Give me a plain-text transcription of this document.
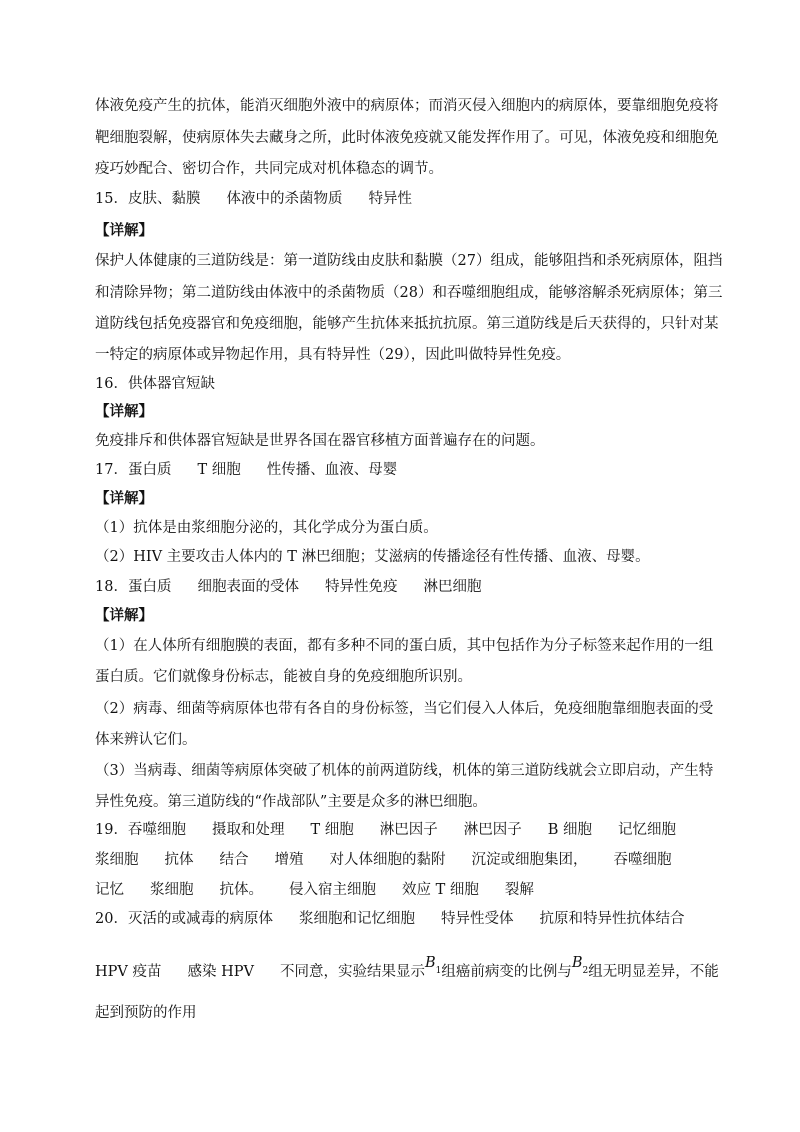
体液免疫产生的抗体，能消灭细胞外液中的病原体；而消灭侵入细胞内的病原体，要靠细胞免疫将
靶细胞裂解，使病原体失去藏身之所，此时体液免疫就又能发挥作用了。可见，体液免疫和细胞免
疫巧妙配合、密切合作，共同完成对机体稳态的调节。
15．皮肤、黏膜 体液中的杀菌物质 特异性
【详解】
保护人体健康的三道防线是：第一道防线由皮肤和黏膜（27）组成，能够阻挡和杀死病原体，阻挡
和清除异物；第二道防线由体液中的杀菌物质（28）和吞噬细胞组成，能够溶解杀死病原体；第三
道防线包括免疫器官和免疫细胞，能够产生抗体来抵抗抗原。第三道防线是后天获得的，只针对某
一特定的病原体或异物起作用，具有特异性（29），因此叫做特异性免疫。
16．供体器官短缺
【详解】
免疫排斥和供体器官短缺是世界各国在器官移植方面普遍存在的问题。
17．蛋白质 T 细胞 性传播、血液、母婴
【详解】
（1）抗体是由浆细胞分泌的，其化学成分为蛋白质。
（2）HIV 主要攻击人体内的 T 淋巴细胞；艾滋病的传播途径有性传播、血液、母婴。
18．蛋白质 细胞表面的受体 特异性免疫 淋巴细胞
【详解】
（1）在人体所有细胞膜的表面，都有多种不同的蛋白质，其中包括作为分子标签来起作用的一组
蛋白质。它们就像身份标志，能被自身的免疫细胞所识别。
（2）病毒、细菌等病原体也带有各自的身份标签，当它们侵入人体后，免疫细胞靠细胞表面的受
体来辨认它们。
（3）当病毒、细菌等病原体突破了机体的前两道防线，机体的第三道防线就会立即启动，产生特
异性免疫。第三道防线的“作战部队”主要是众多的淋巴细胞。
19．吞噬细胞 摄取和处理 T 细胞 淋巴因子 淋巴因子 B 细胞 记忆细胞
浆细胞 抗体 结合 增殖 对人体细胞的黏附 沉淀或细胞集团， 吞噬细胞
记忆 浆细胞 抗体。 侵入宿主细胞 效应 T 细胞 裂解
20．灭活的或减毒的病原体 浆细胞和记忆细胞 特异性受体 抗原和特异性抗体结合
HPV 疫苗 感染 HPV 不同意，实验结果显示$B_1$组癌前病变的比例与$B_2$组无明显差异，不能
起到预防的作用
